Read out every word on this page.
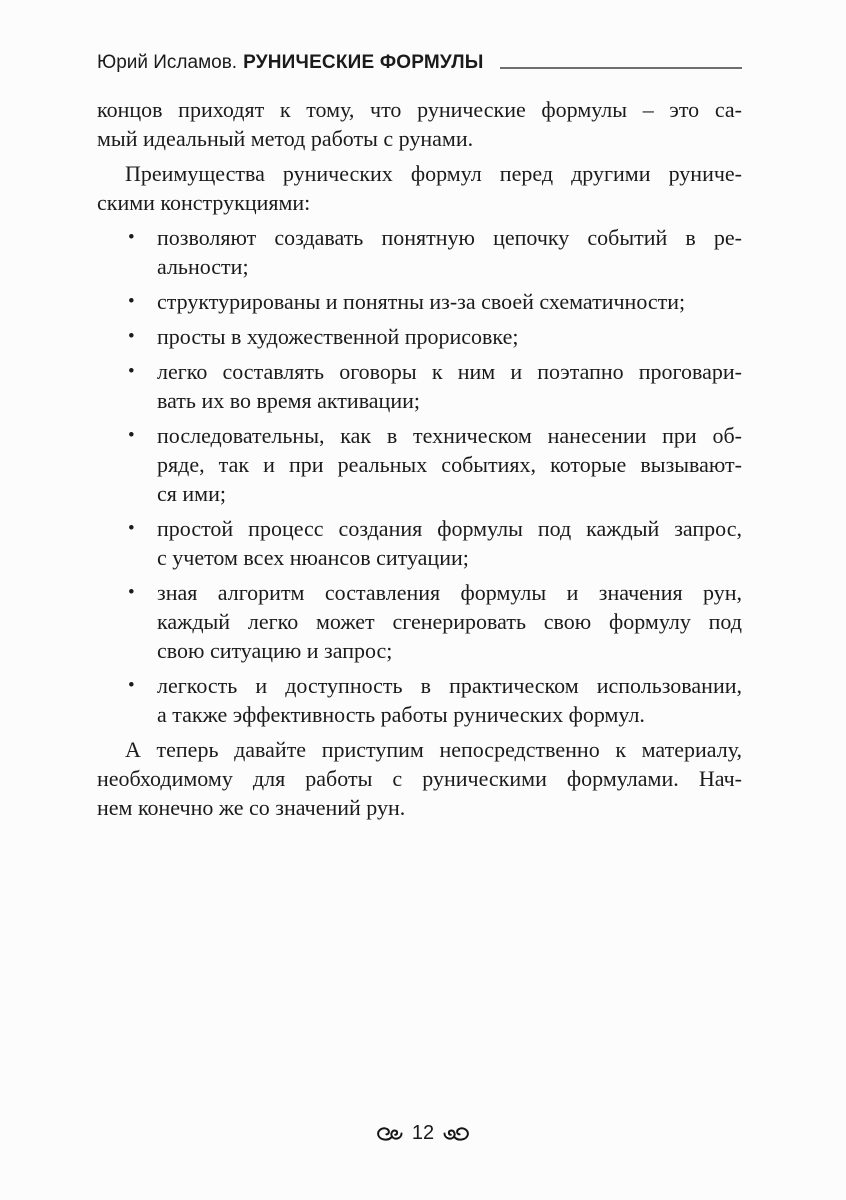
Юрий Исламов. РУНИЧЕСКИЕ ФОРМУЛЫ
концов приходят к тому, что рунические формулы – это са-
мый идеальный метод работы с рунами.
Преимущества рунических формул перед другими руниче-
скими конструкциями:
•	позволяют создавать понятную цепочку событий в ре-
альности;
•	структурированы и понятны из-за своей схематичности;
•	просты в художественной прорисовке;
•	легко составлять оговоры к ним и поэтапно проговари-
вать их во время активации;
•	последовательны, как в техническом нанесении при об-
ряде, так и при реальных событиях, которые вызывают-
ся ими;
•	простой процесс создания формулы под каждый запрос,
с учетом всех нюансов ситуации;
•	зная алгоритм составления формулы и значения рун,
каждый легко может сгенерировать свою формулу под
свою ситуацию и запрос;
•	легкость и доступность в практическом использовании,
а также эффективность работы рунических формул.
А теперь давайте приступим непосредственно к материалу,
необходимому для работы с руническими формулами. Нач-
нем конечно же со значений рун.
12
